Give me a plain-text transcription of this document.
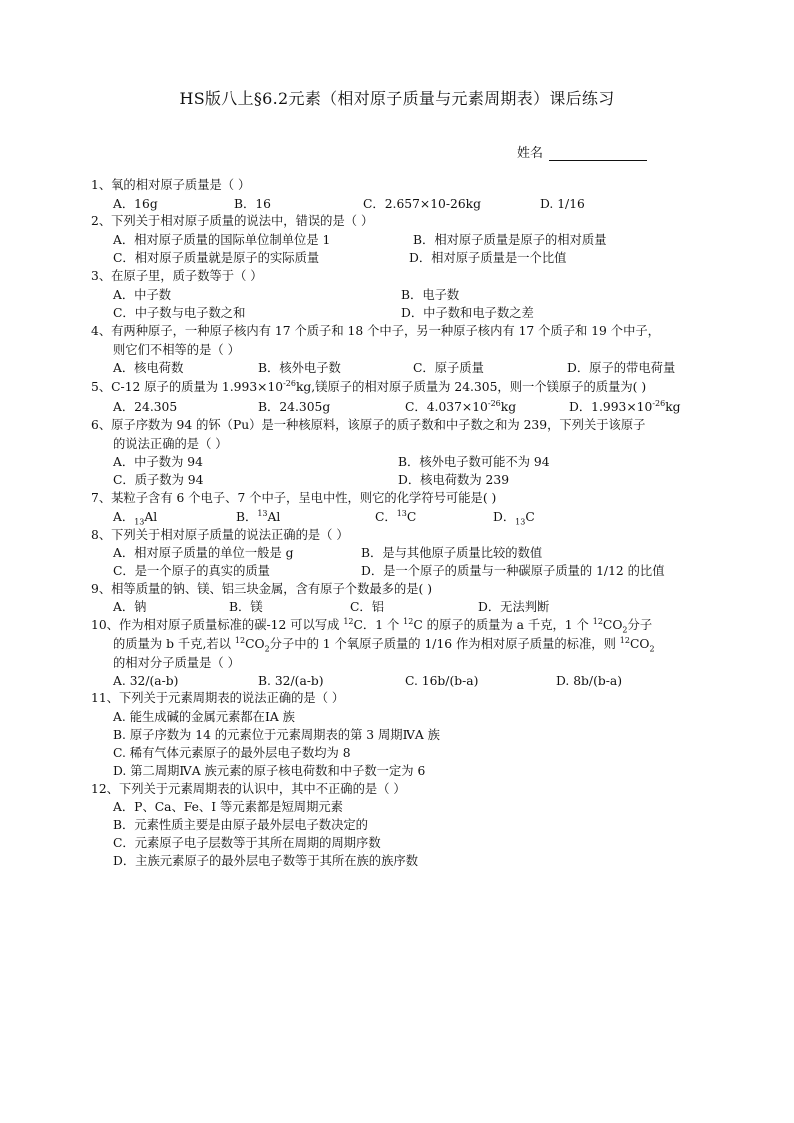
HS版八上§6.2元素（相对原子质量与元素周期表）课后练习
姓名
1、氧的相对原子质量是（ ）
A．16g	B．16	C．2.657×10-26kg	D. 1/16
2、下列关于相对原子质量的说法中，错误的是（ ）
A．相对原子质量的国际单位制单位是 1	B．相对原子质量是原子的相对质量
C．相对原子质量就是原子的实际质量	D．相对原子质量是一个比值
3、在原子里，质子数等于（ ）
A．中子数	B．电子数
C．中子数与电子数之和	D．中子数和电子数之差
4、有两种原子，一种原子核内有 17 个质子和 18 个中子，另一种原子核内有 17 个质子和 19 个中子，
则它们不相等的是（ ）
A．核电荷数	B．核外电子数	C．原子质量	D．原子的带电荷量
5、C-12 原子的质量为 $1.993\times 10^{-26}kg$,镁原子的相对原子质量为 24.305，则一个镁原子的质量为( )
A．24.305	B．24.305g	C．$4.037\times 10^{-26}kg$	D．$1.993\times 10^{-26}kg$
6、原子序数为 94 的钚（Pu）是一种核原料，该原子的质子数和中子数之和为 239，下列关于该原子
的说法正确的是（ ）
A．中子数为 94	B．核外电子数可能不为 94
C．质子数为 94	D．核电荷数为 239
7、某粒子含有 6 个电子、7 个中子，呈电中性，则它的化学符号可能是( )
A．$_{13}$Al	B．$^{13}$Al	C．$^{13}$C	D．$_{13}$C
8、下列关于相对原子质量的说法正确的是（ ）
A．相对原子质量的单位一般是 g	B．是与其他原子质量比较的数值
C．是一个原子的真实的质量	D．是一个原子的质量与一种碳原子质量的 1/12 的比值
9、相等质量的钠、镁、铝三块金属，含有原子个数最多的是( )
A．钠	B．镁	C．铝	D．无法判断
10、作为相对原子质量标准的碳-12 可以写成 $^{12}$C．1 个 $^{12}$C 的原子的质量为 a 千克，1 个 $^{12}CO_2$分子
的质量为 b 千克,若以 $^{12}CO_2$分子中的 1 个氧原子质量的 1/16 作为相对原子质量的标准，则 $^{12}CO_2$
的相对分子质量是（ ）
A. 32/(a-b)	B. 32/(a-b)	C. 16b/(b-a)	D. 8b/(b-a)
11、下列关于元素周期表的说法正确的是（ ）
A. 能生成碱的金属元素都在ⅠA 族
B. 原子序数为 14 的元素位于元素周期表的第 3 周期ⅣA 族
C. 稀有气体元素原子的最外层电子数均为 8
D. 第二周期ⅣA 族元素的原子核电荷数和中子数一定为 6
12、下列关于元素周期表的认识中，其中不正确的是（ ）
A．P、Ca、Fe、I 等元素都是短周期元素
B．元素性质主要是由原子最外层电子数决定的
C．元素原子电子层数等于其所在周期的周期序数
D．主族元素原子的最外层电子数等于其所在族的族序数
